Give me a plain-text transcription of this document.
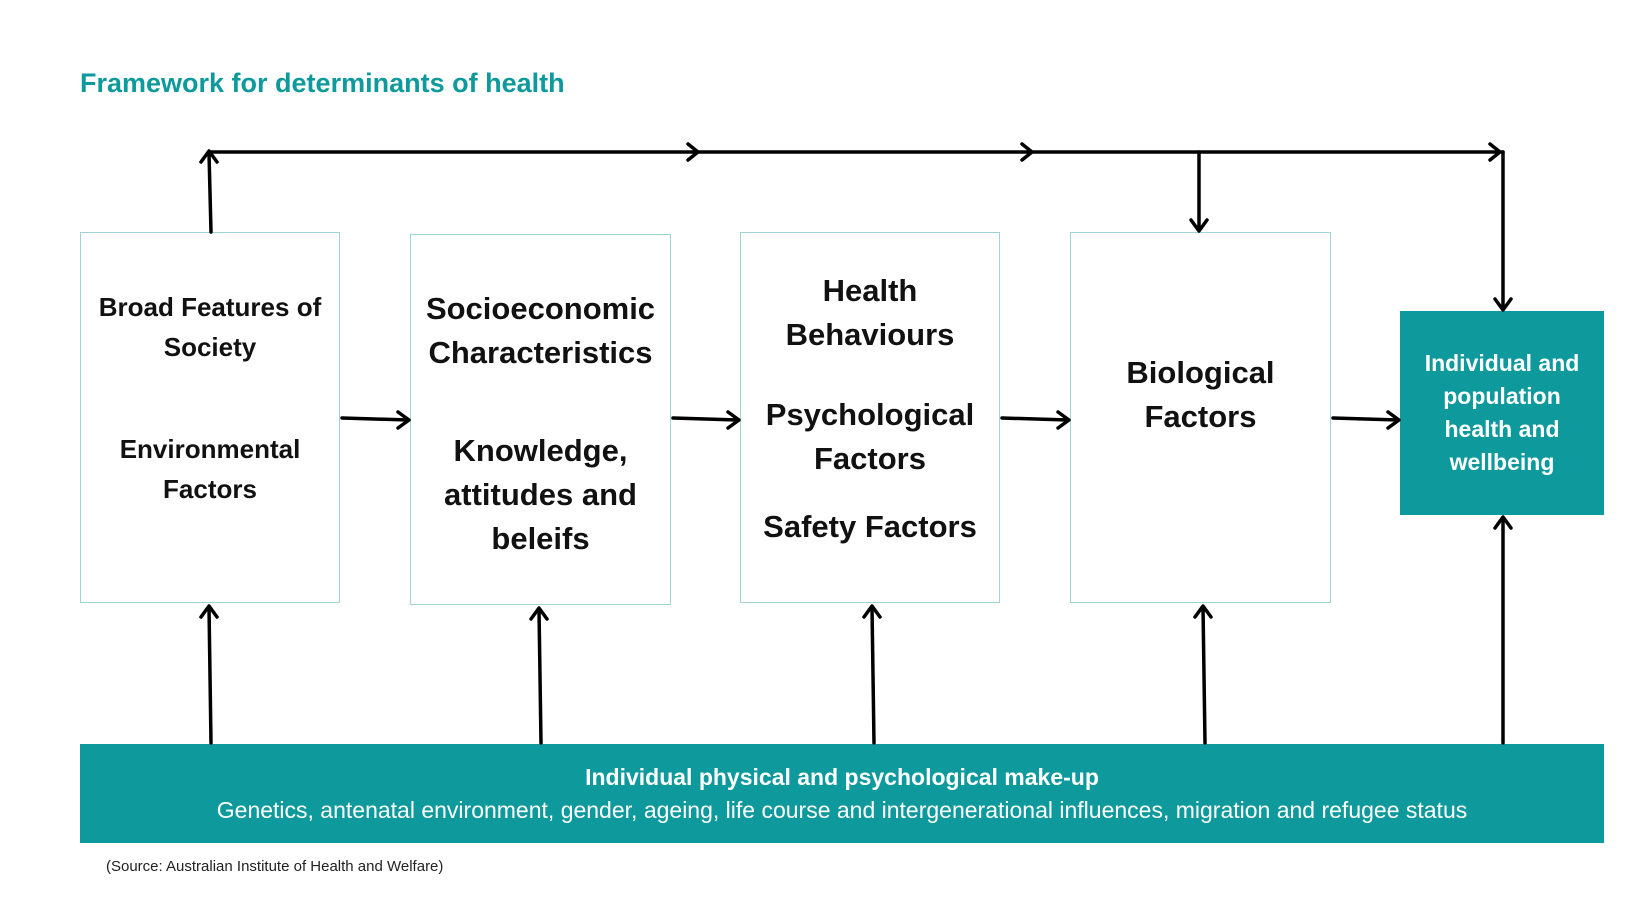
Framework for determinants of health
Broad Features of
Society
Environmental
Factors
Socioeconomic
Characteristics
Knowledge,
attitudes and
beleifs
Health
Behaviours
Psychological
Factors
Safety Factors
Biological
Factors
Individual and
population
health and
wellbeing
Individual physical and psychological make-up
Genetics, antenatal environment, gender, ageing, life course and intergenerational influences, migration and refugee status
(Source: Australian Institute of Health and Welfare)
